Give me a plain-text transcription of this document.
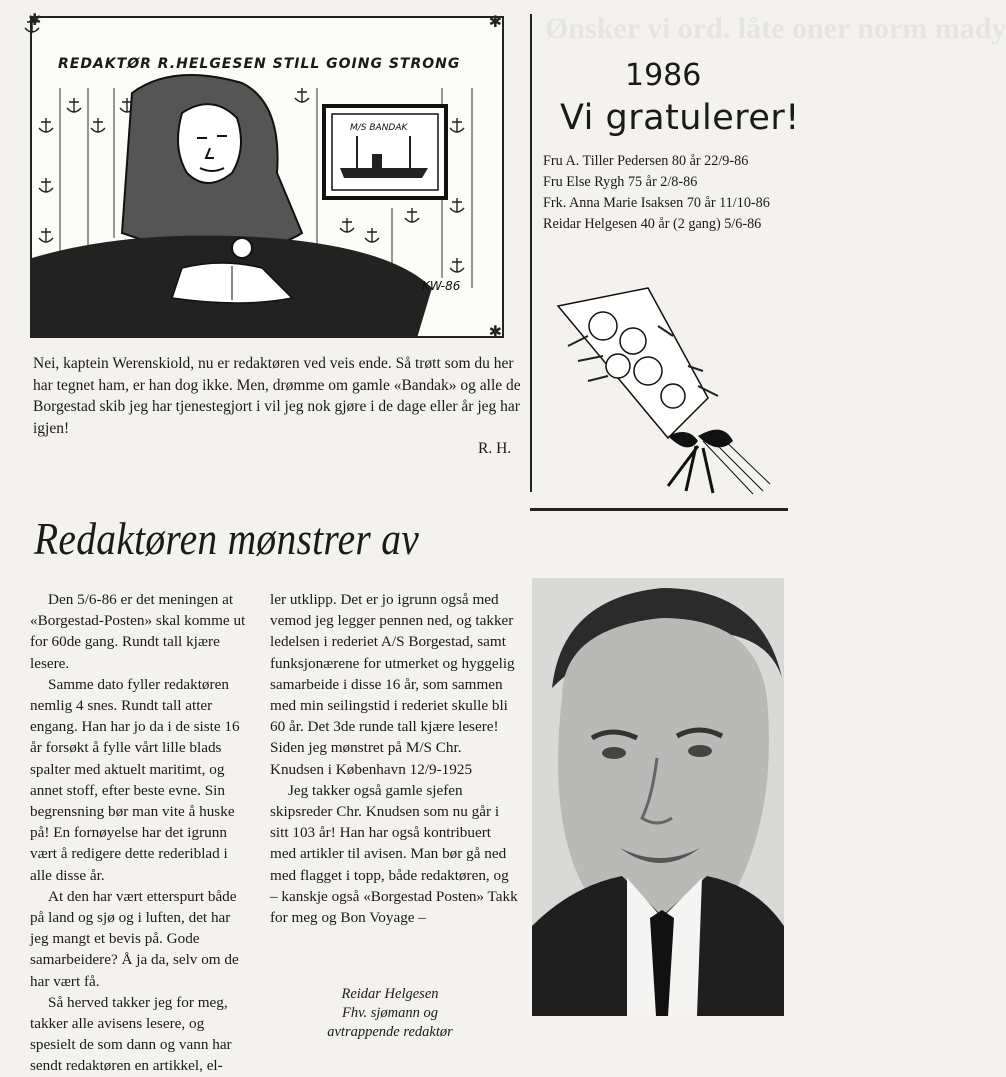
Ønsker vi ord. låte oner norm mady
M/S BANDAK
KW-86
REDAKTØR R.HELGESEN STILL GOING STRONG
✱	✱
✱	✱
Nei, kaptein Werenskiold, nu er redaktøren ved veis ende. Så trøtt som du her har tegnet ham, er han dog ikke. Men, drømme om gamle «Bandak» og alle de Borgestad skib jeg har tjenestegjort i vil jeg nok gjøre i de dage eller år jeg har igjen!
R. H.
1986
Vi gratulerer!
Fru A. Tiller Pedersen 80 år 22/9-86
Fru Else Rygh 75 år 2/8-86
Frk. Anna Marie Isaksen 70 år 11/10-86
Reidar Helgesen 40 år (2 gang) 5/6-86
Redaktøren mønstrer av

Den 5/6-86 er det meningen at «Borgestad-Posten» skal komme ut for 60de gang. Rundt tall kjære lesere.

Samme dato fyller redaktøren nemlig 4 snes. Rundt tall atter engang. Han har jo da i de siste 16 år forsøkt å fylle vårt lille blads spalter med aktuelt maritimt, og annet stoff, efter beste evne. Sin begrensning bør man vite å huske på! En fornøyelse har det igrunn vært å redigere dette rederiblad i alle disse år.

At den har vært etterspurt både på land og sjø og i luften, det har jeg mangt et bevis på. Gode samarbeidere? Å ja da, selv om de har vært få.

Så herved takker jeg for meg, takker alle avisens lesere, og spesielt de som dann og vann har sendt redaktøren en artikkel, el-

ler utklipp. Det er jo igrunn også med vemod jeg legger pennen ned, og takker ledelsen i rederiet A/S Borgestad, samt funksjonærene for utmerket og hyggelig samarbeide i disse 16 år, som sammen med min seilingstid i rederiet skulle bli 60 år. Det 3de runde tall kjære lesere! Siden jeg mønstret på M/S Chr. Knudsen i København 12/9-1925

Jeg takker også gamle sjefen skipsreder Chr. Knudsen som nu går i sitt 103 år! Han har også kontribuert med artikler til avisen. Man bør gå ned med flagget i topp, både redaktøren, og – kanskje også «Borgestad Posten» Takk for meg og Bon Voyage –

Reidar Helgesen
Fhv. sjømann og
avtrappende redaktør
